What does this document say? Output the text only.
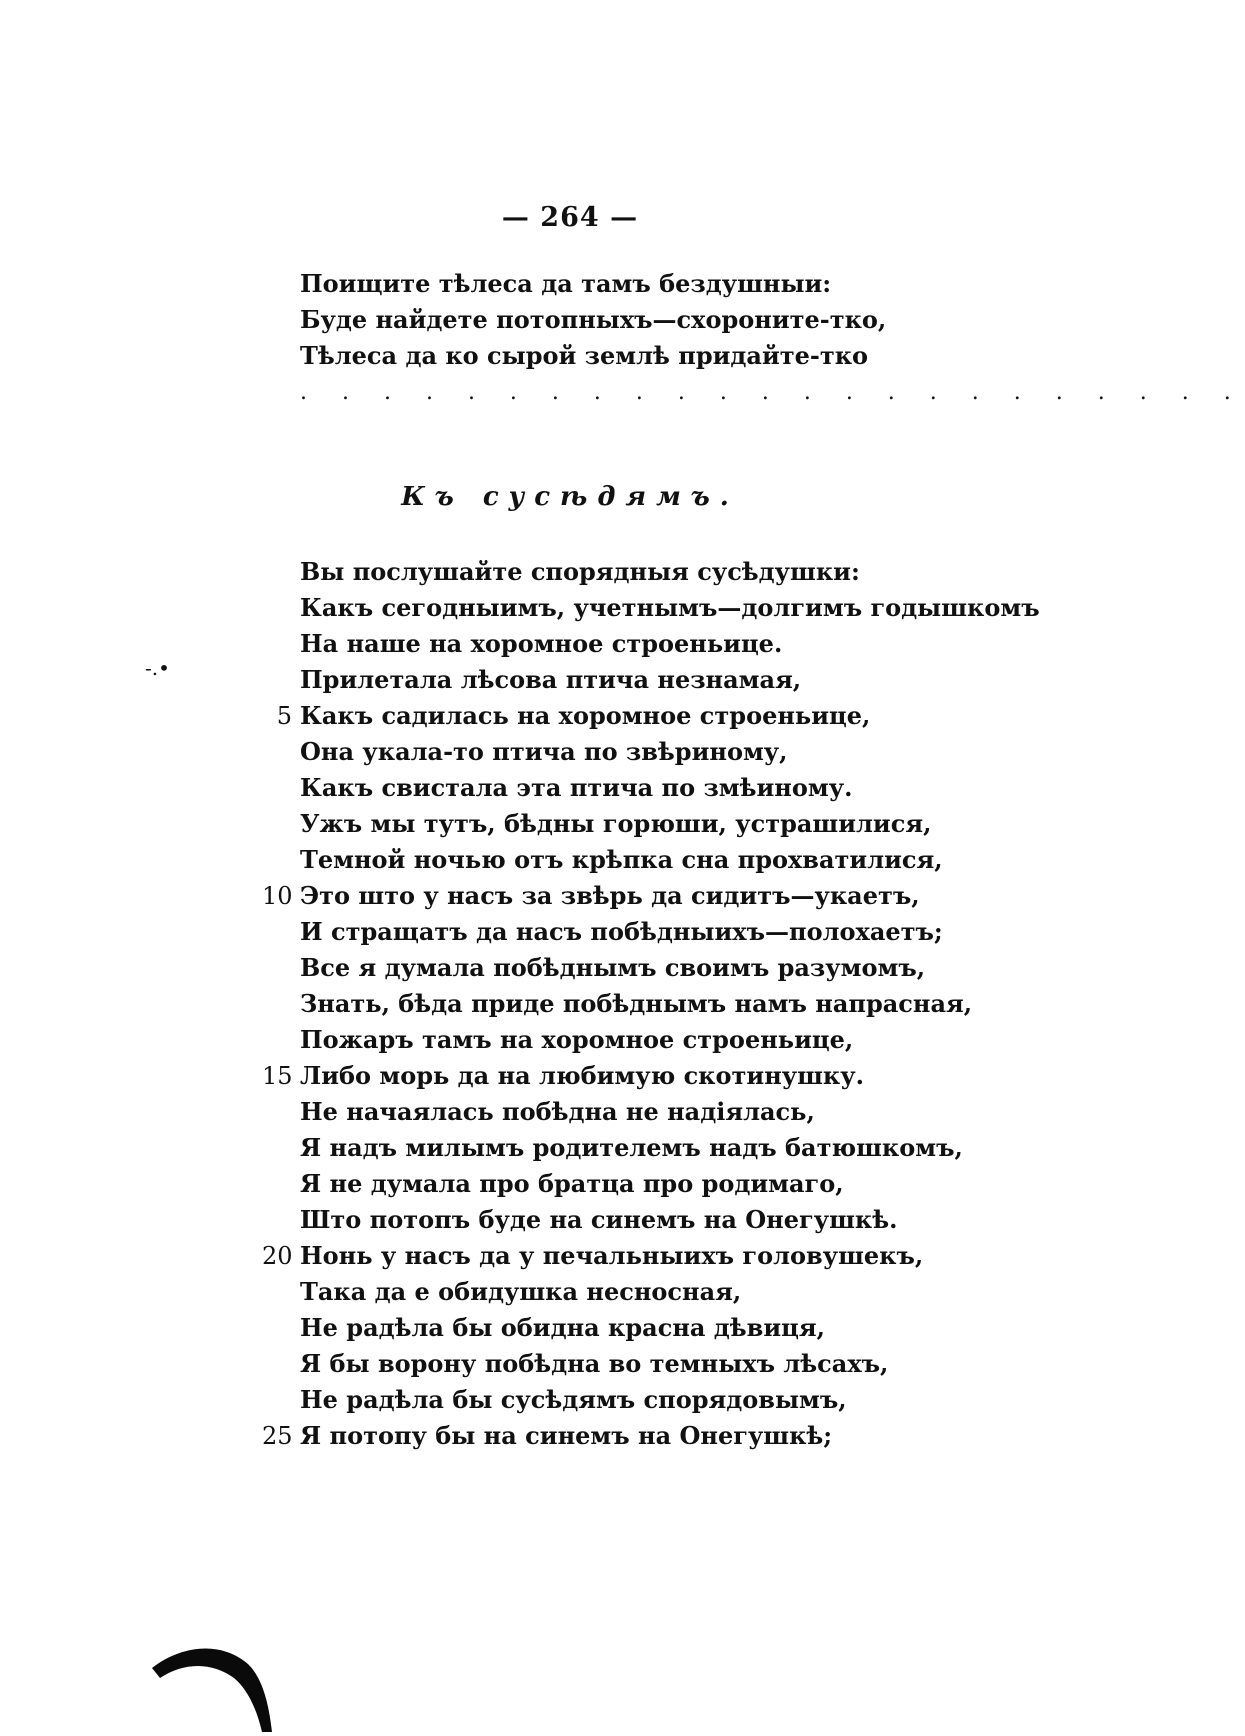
— 264 —
Поищите тѣлеса да тамъ бездушныи:
Буде найдете потопныхъ—схороните-тко,
Тѣлеса да ко сырой землѣ придайте-тко
. . . . . . . . . . . . . . . . . . . . . . .
Къ суcѣдямъ.
-.•
Вы послушайте спорядныя сусѣдушки:
Какъ сегодныимъ, учетнымъ—долгимъ годышкомъ
На наше на хоромное строеньице.
Прилетала лѣсова птича незнамая,
5 Какъ садилась на хоромное строеньице,
Она укала-то птича по звѣриному,
Какъ свистала эта птича по змѣиному.
Ужъ мы тутъ, бѣдны горюши, устрашилися,
Темной ночью отъ крѣпка сна прохватилися,
10 Это што у насъ за звѣрь да сидитъ—укаетъ,
И стращатъ да насъ побѣдныихъ—полохаетъ;
Все я думала побѣднымъ своимъ разумомъ,
Знать, бѣда приде побѣднымъ намъ напрасная,
Пожаръ тамъ на хоромное строеньице,
15 Либо морь да на любимую скотинушку.
Не начаялась побѣдна не надіялась,
Я надъ милымъ родителемъ надъ батюшкомъ,
Я не думала про братца про родимаго,
Што потопъ буде на синемъ на Онегушкѣ.
20 Нонь у насъ да у печальныихъ головушекъ,
Така да е обидушка несносная,
Не радѣла бы обидна красна дѣвиця,
Я бы ворону побѣдна во темныхъ лѣсахъ,
Не радѣла бы сусѣдямъ спорядовымъ,
25 Я потопу бы на синемъ на Онегушкѣ;
